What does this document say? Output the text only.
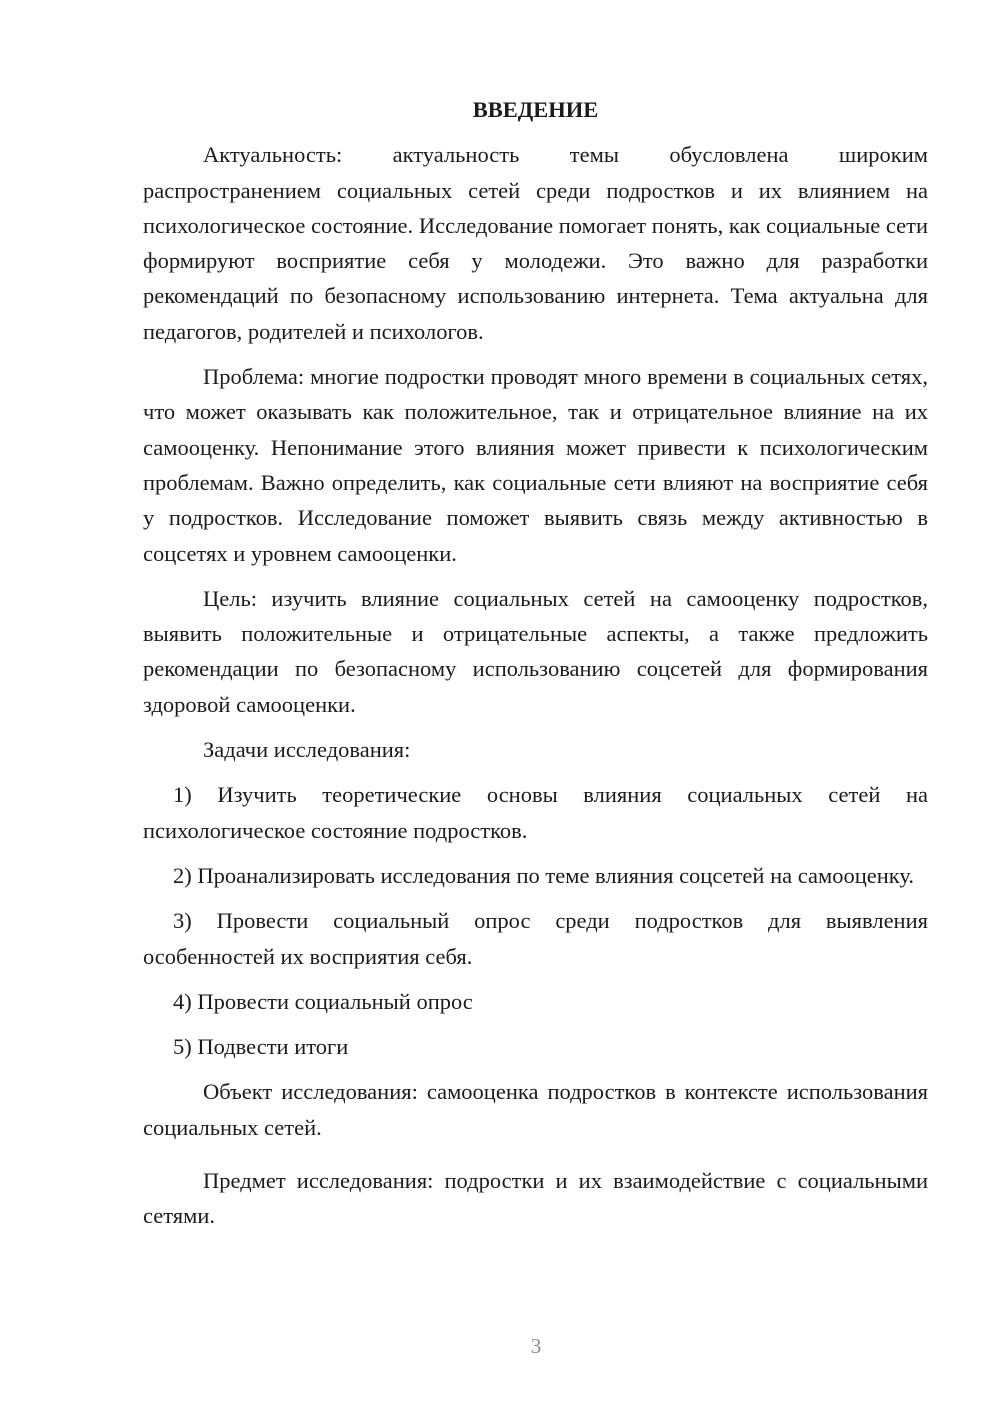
ВВЕДЕНИЕ

Актуальность: актуальность темы обусловлена широким распространением социальных сетей среди подростков и их влиянием на психологическое состояние. Исследование помогает понять, как социальные сети формируют восприятие себя у молодежи. Это важно для разработки рекомендаций по безопасному использованию интернета. Тема актуальна для педагогов, родителей и психологов.

Проблема: многие подростки проводят много времени в социальных сетях, что может оказывать как положительное, так и отрицательное влияние на их самооценку. Непонимание этого влияния может привести к психологическим проблемам. Важно определить, как социальные сети влияют на восприятие себя у подростков. Исследование поможет выявить связь между активностью в соцсетях и уровнем самооценки.

Цель: изучить влияние социальных сетей на самооценку подростков, выявить положительные и отрицательные аспекты, а также предложить рекомендации по безопасному использованию соцсетей для формирования здоровой самооценки.

Задачи исследования:

1) Изучить теоретические основы влияния социальных сетей на психологическое состояние подростков.

2) Проанализировать исследования по теме влияния соцсетей на самооценку.

3) Провести социальный опрос среди подростков для выявления особенностей их восприятия себя.

4) Провести социальный опрос

5) Подвести итоги

Объект исследования: самооценка подростков в контексте использования социальных сетей.

Предмет исследования: подростки и их взаимодействие с социальными сетями.

3
